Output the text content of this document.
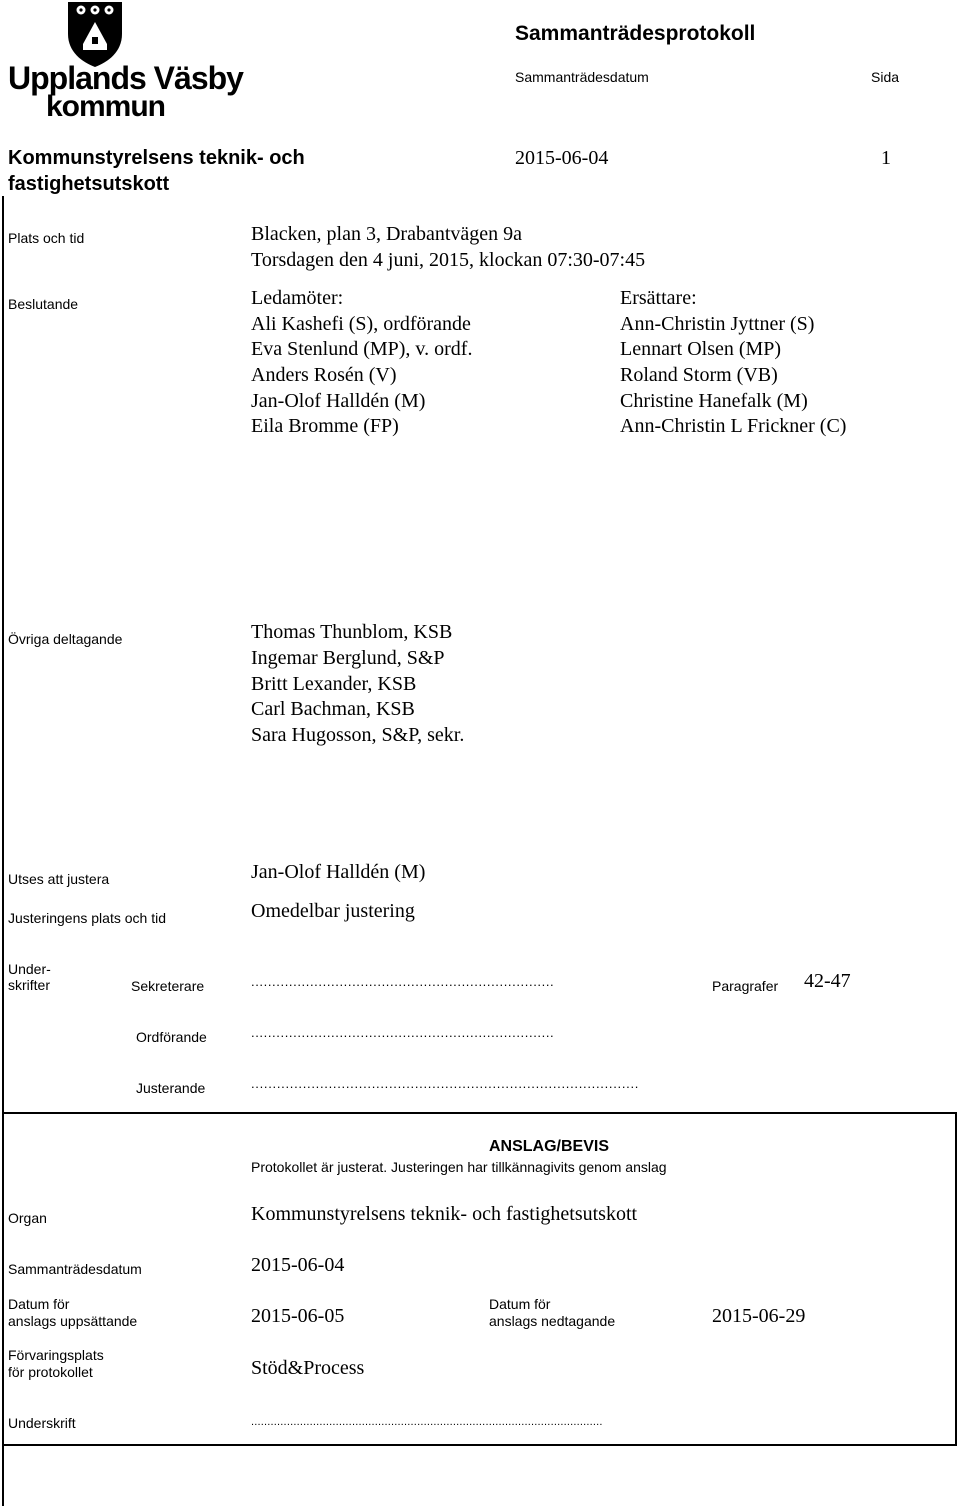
Upplands Väsby
kommun
Sammanträdesprotokoll
Sammanträdesdatum	Sida
Kommunstyrelsens teknik- och fastighetsutskott
2015-06-04	1
Plats och tid	Blacken, plan 3, Drabantvägen 9a
Torsdagen den 4 juni, 2015, klockan 07:30-07:45
Beslutande	Ledamöter:
Ali Kashefi (S), ordförande
Eva Stenlund (MP), v. ordf.
Anders Rosén (V)
Jan-Olof Halldén (M)
Eila Bromme (FP)
Ersättare:
Ann-Christin Jyttner (S)
Lennart Olsen (MP)
Roland Storm (VB)
Christine Hanefalk (M)
Ann-Christin L Frickner (C)
Övriga deltagande	Thomas Thunblom, KSB
Ingemar Berglund, S&P
Britt Lexander, KSB
Carl Bachman, KSB
Sara Hugosson, S&P, sekr.
Utses att justera	Jan-Olof Halldén (M)
Justeringens plats och tid	Omedelbar justering
Under-
skrifter	Sekreterare	........................................................................	Paragrafer 42-47
Ordförande	........................................................................
Justerande	..........................................................................................
ANSLAG/BEVIS
Protokollet är justerat. Justeringen har tillkännagivits genom anslag
Organ	Kommunstyrelsens teknik- och fastighetsutskott
Sammanträdesdatum	2015-06-04
Datum för
anslags uppsättande	2015-06-05
Datum för
anslags nedtagande	2015-06-29
Förvaringsplats
för protokollet	Stöd&Process
Underskrift	............................................................................................................
